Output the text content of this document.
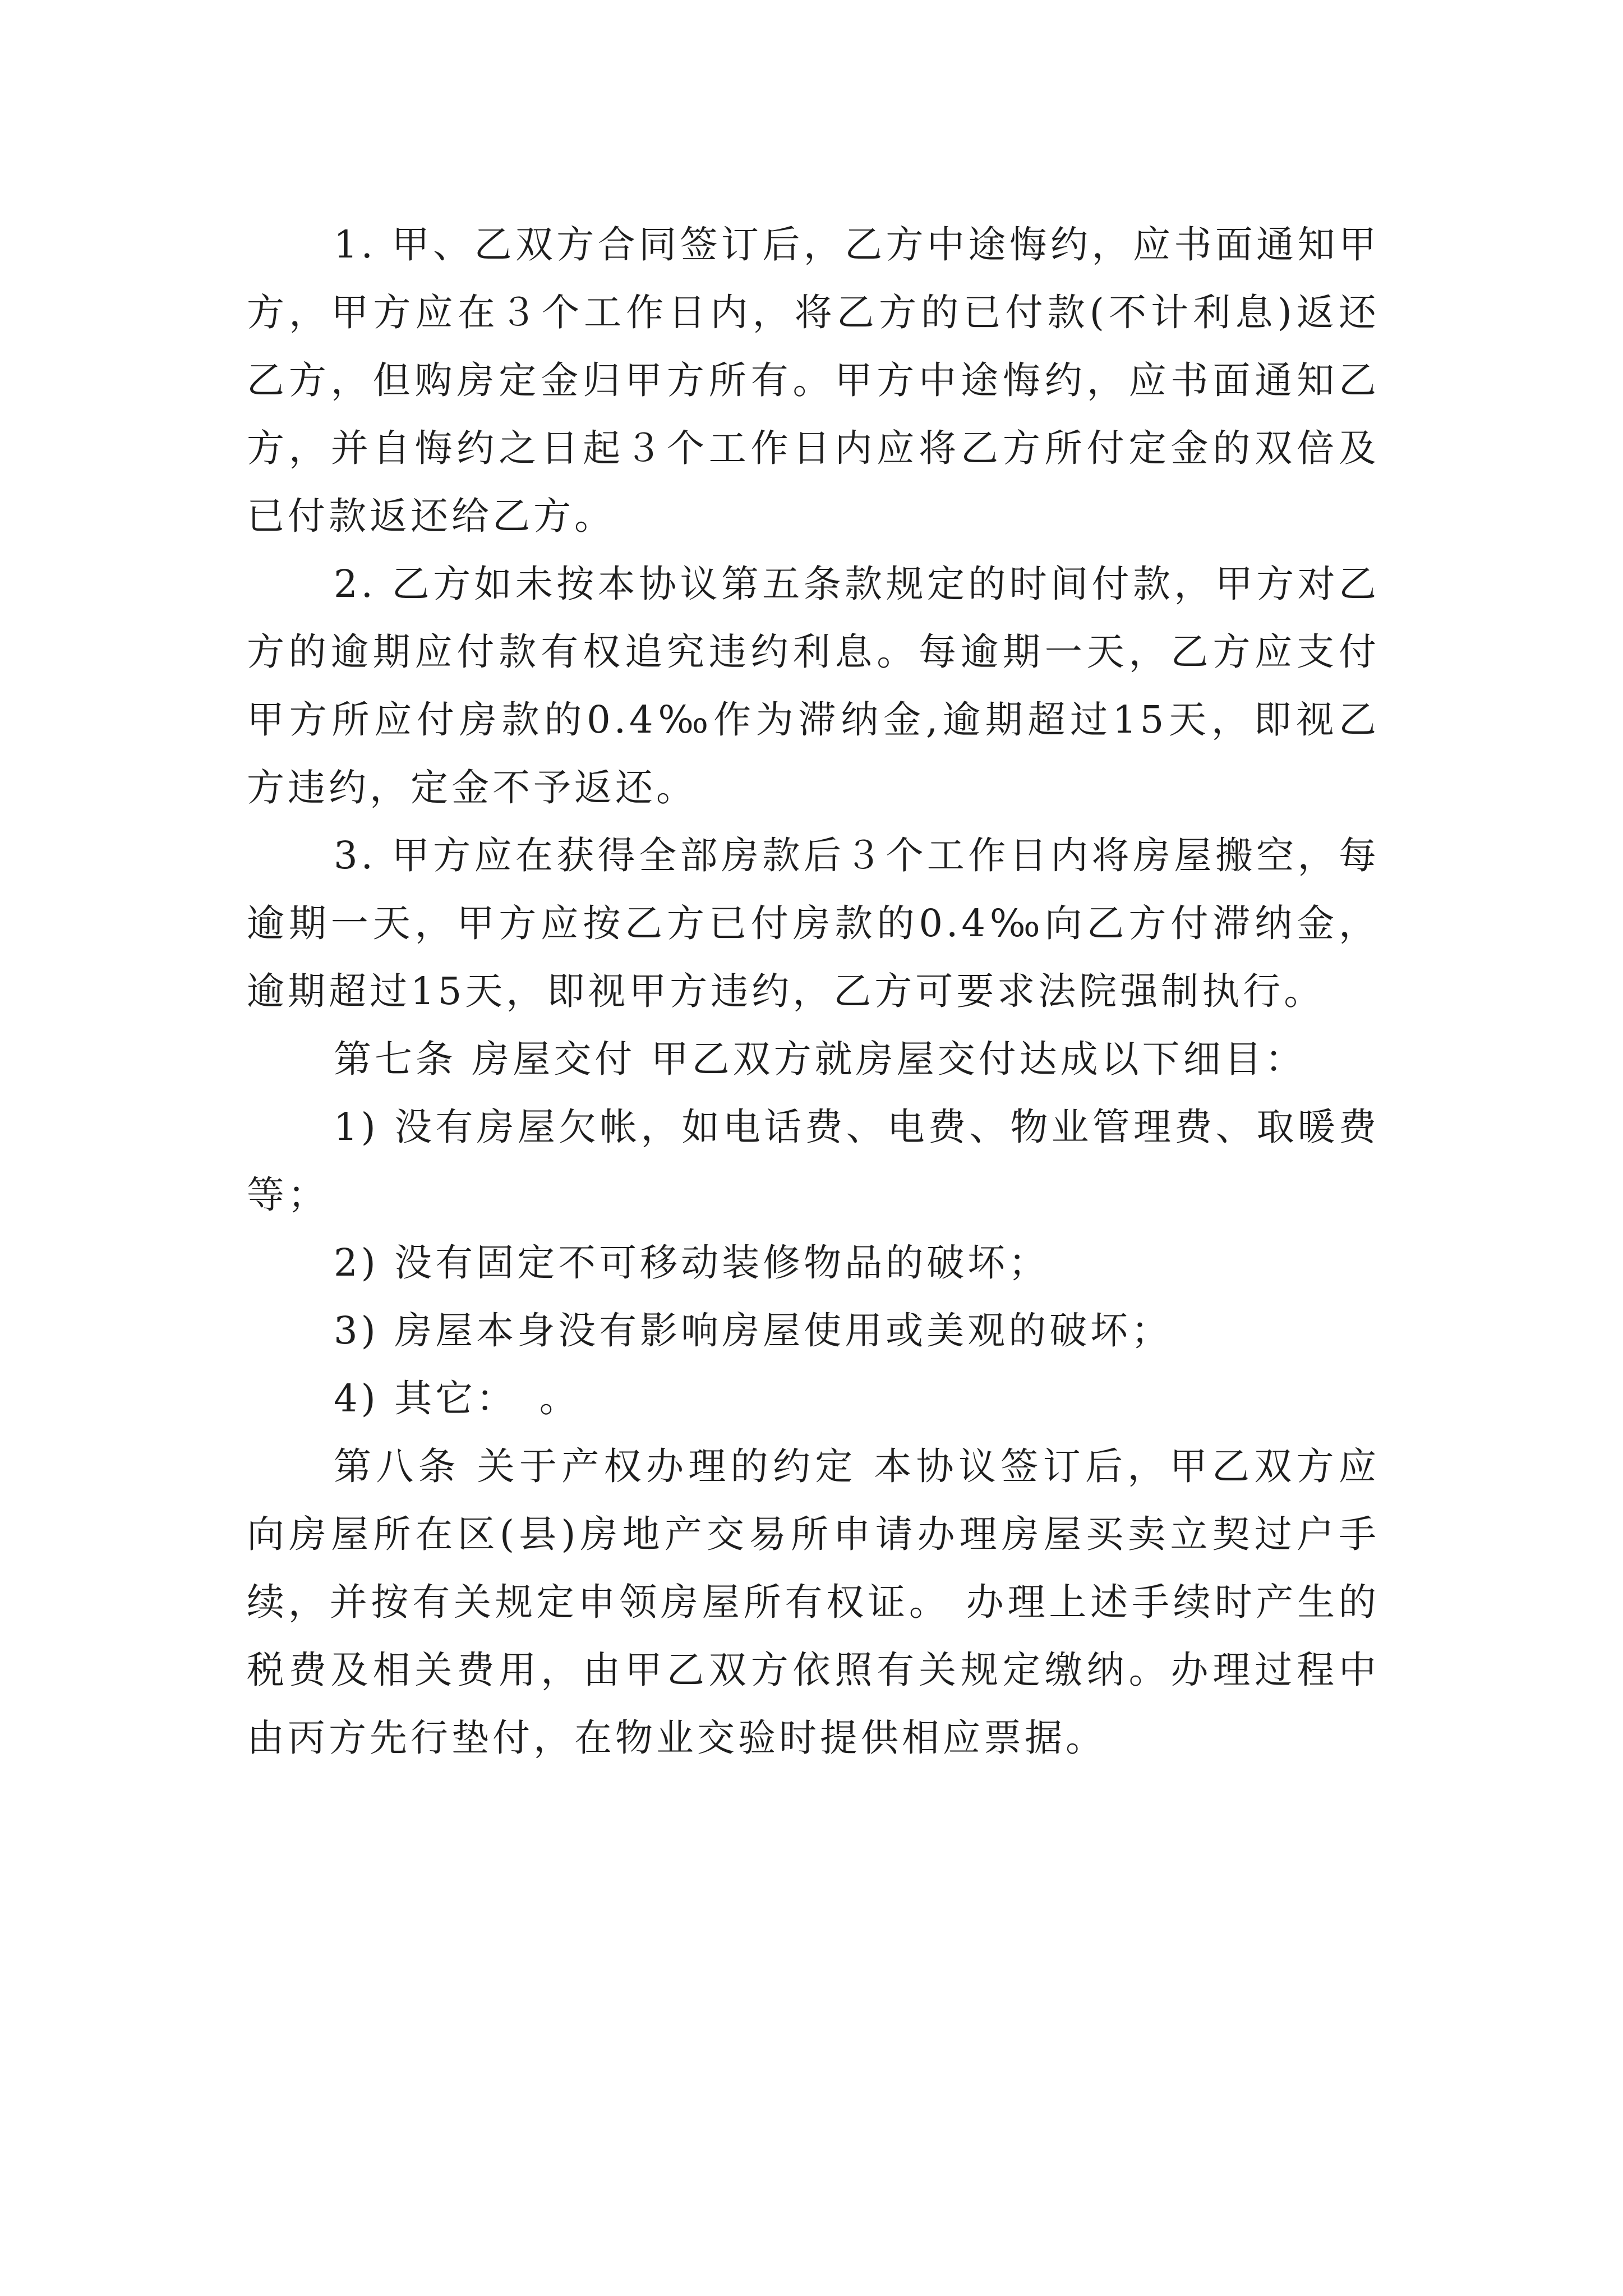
1. 甲、乙双方合同签订后，乙方中途悔约，应书面通知甲方，甲方应在３个工作日内，将乙方的已付款(不计利息)返还乙方，但购房定金归甲方所有。甲方中途悔约，应书面通知乙方，并自悔约之日起３个工作日内应将乙方所付定金的双倍及已付款返还给乙方。

2. 乙方如未按本协议第五条款规定的时间付款，甲方对乙方的逾期应付款有权追究违约利息。每逾期一天，乙方应支付甲方所应付房款的0.4‰作为滞纳金,逾期超过15天，即视乙方违约，定金不予返还。

3. 甲方应在获得全部房款后３个工作日内将房屋搬空，每逾期一天，甲方应按乙方已付房款的0.4‰向乙方付滞纳金，逾期超过15天，即视甲方违约，乙方可要求法院强制执行。

第七条 房屋交付 甲乙双方就房屋交付达成以下细目：

1) 没有房屋欠帐，如电话费、电费、物业管理费、取暖费等；

2) 没有固定不可移动装修物品的破坏；

3) 房屋本身没有影响房屋使用或美观的破坏；

4) 其它：　。

第八条 关于产权办理的约定 本协议签订后，甲乙双方应向房屋所在区(县)房地产交易所申请办理房屋买卖立契过户手续，并按有关规定申领房屋所有权证。 办理上述手续时产生的税费及相关费用，由甲乙双方依照有关规定缴纳。办理过程中由丙方先行垫付，在物业交验时提供相应票据。
